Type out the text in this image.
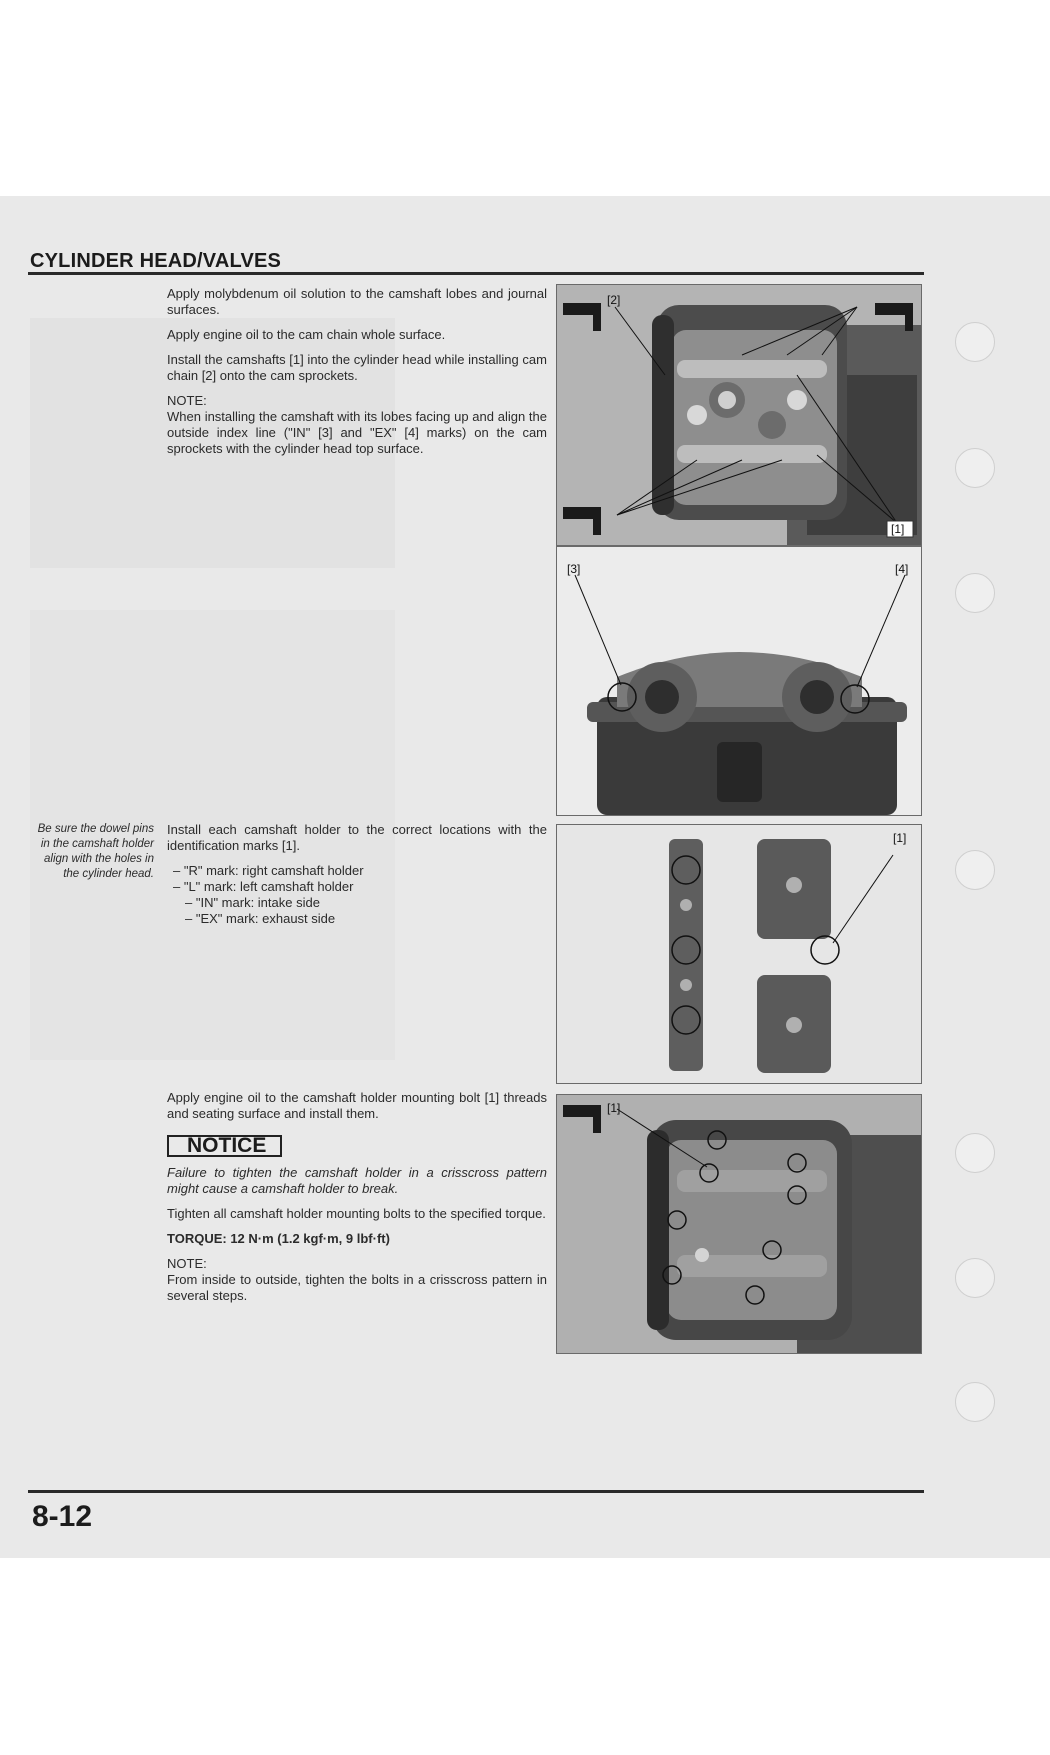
CYLINDER HEAD/VALVES

Apply molybdenum oil solution to the camshaft lobes and journal surfaces.

Apply engine oil to the cam chain whole surface.

Install the camshafts [1] into the cylinder head while installing cam chain [2] onto the cam sprockets.

NOTE:

When installing the camshaft with its lobes facing up and align the outside index line ("IN" [3] and "EX" [4] marks) on the cam sprockets with the cylinder head top surface.

Be sure the dowel pins in the camshaft holder align with the holes in the cylinder head.

Install each camshaft holder to the correct locations with the identification marks [1].

– "R" mark: right camshaft holder
– "L" mark: left camshaft holder
– "IN" mark: intake side
– "EX" mark: exhaust side

Apply engine oil to the camshaft holder mounting bolt [1] threads and seating surface and install them.

NOTICE

Failure to tighten the camshaft holder in a crisscross pattern might cause a camshaft holder to break.

Tighten all camshaft holder mounting bolts to the specified torque.

TORQUE: 12 N·m (1.2 kgf·m, 9 lbf·ft)

NOTE:

From inside to outside, tighten the bolts in a crisscross pattern in several steps.

[2]
[1]
[3]	[4]
[1]
[1]
8-12
